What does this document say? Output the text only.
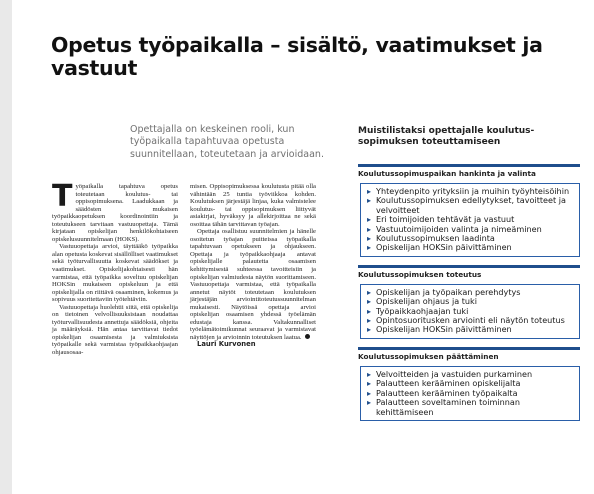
Opetus työpaikalla – sisältö, vaatimukset ja vastuut

Opettajalla on keskeinen rooli, kun työpaikalla tapahtuvaa opetusta suunnitellaan, toteutetaan ja arvioidaan.

Työpaikalla tapahtuva opetus toteutetaan koulutus- tai oppisopimuksena. Laadukkaan ja säädösten mukaisen työpaikkaopetuksen koordinointiin ja toteutukseen tarvitaan vastuuopettaja. Tämä kirjataan opiskelijan henkilökohtaiseen opiskelusuunnitelmaan (HOKS).

Vastuuopettaja arvioi, täyttääkö työpaikka alan opetusta koskevat sisällölliset vaatimukset sekä työturvallisuutta koskevat säädökset ja vaatimukset. Opiskelijakohtaisesti hän varmistaa, että työpaikka soveltuu opiskelijan HOKSin mukaiseen opiskeluun ja että opiskelijalla on riittävä osaaminen, kokemus ja sopivuus suoritettaviin työtehtäviin.

Vastuuopettaja huolehtii siitä, että opiskelija on tietoinen velvollisuuksistaan noudattaa työturvallisuudesta annettuja säädöksiä, ohjeita ja määräyksiä. Hän antaa tarvittavat tiedot opiskelijan osaamisesta ja valmiuksista työpaikalle sekä varmistaa työpaikkaohjaajan ohjausosaa-

misen. Oppisopimuksessa koulutusta pitää olla vähintään 25 tuntia työviikkoa kohden. Koulutuksen järjestäjä linjaa, kuka valmistelee koulutus- tai oppisopimuksen liittyvät asiakirjat, hyväksyy ja allekirjoittaa ne sekä osoittaa tähän tarvittavan työajan.

Opettaja osallistuu suunnitelmien ja hänelle osoitetun työajan puitteissa työpaikalla tapahtuvaan opetukseen ja ohjaukseen. Opettaja ja työpaikkaohjaaja antavat opiskelijalle palautetta osaamisen kehittymisestä suhteessa tavoitteisiin ja opiskelijan valmiudesta näytön suorittamiseen. Vastuuopettaja varmistaa, että työpaikalla annetut näytöt toteutetaan koulutuksen järjestäjän arviointitoteutussuunnitelman mukaisesti. Näytöissä opettaja arvioi opiskelijan osaamisen yhdessä työelämän edustaja kanssa. Valtakunnalliset työelämätoimikunnat seuraavat ja varmistavat näyttöjen ja arvioinnin toteutuksen laatua.

Lauri Kurvonen

Muistilistaksi opettajalle koulutus- sopimuksen toteuttamiseen
Koulutussopimuspaikan hankinta ja valinta
▸ Yhteydenpito yrityksiin ja muihin työyhteisöihin
▸ Koulutussopimuksen edellytykset, tavoitteet ja velvoitteet
▸ Eri toimijoiden tehtävät ja vastuut
▸ Vastuutoimijoiden valinta ja nimeäminen
▸ Koulutussopimuksen laadinta
▸ Opiskelijan HOKSin päivittäminen
Koulutussopimuksen toteutus
▸ Opiskelijan ja työpaikan perehdytys
▸ Opiskelijan ohjaus ja tuki
▸ Työpaikkaohjaajan tuki
▸ Opintosuoritusken arviointi eli näytön toteutus
▸ Opiskelijan HOKSin päivittäminen
Koulutussopimuksen päättäminen
▸ Velvoitteiden ja vastuiden purkaminen
▸ Palautteen kerääminen opiskelijalta
▸ Palautteen kerääminen työpaikalta
▸ Palautteen soveltaminen toiminnan kehittämiseen
